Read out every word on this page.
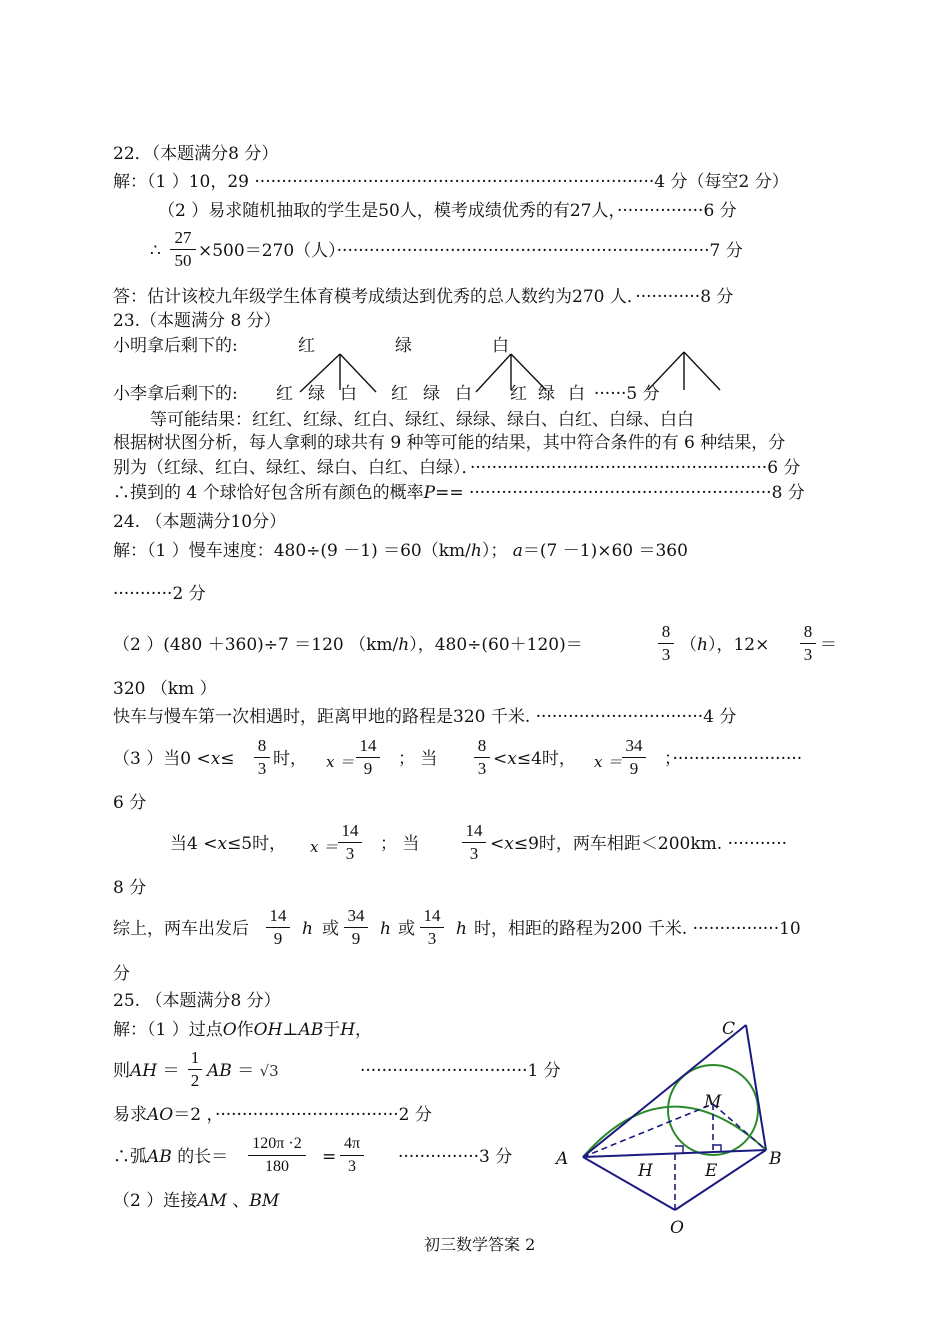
22．（本题满分8 分）
解：（1 ）10，29 ··········································································4 分（每空2 分）
（2 ）易求随机抽取的学生是50人，模考成绩优秀的有27人，················6 分
∴
27
50 ×500＝270（人）·····································································7 分
答：估计该校九年级学生体育模考成绩达到优秀的总人数约为270 人．············8 分
23.（本题满分 8 分）
小明拿后剩下的:	红	绿	白
小李拿后剩下的: 红 绿 白 红 绿 白 红 绿 白 ······5 分
等可能结果：红红、红绿、红白、绿红、绿绿、绿白、白红、白绿、白白
根据树状图分析，每人拿剩的球共有 9 种等可能的结果，其中符合条件的有 6 种结果，分
别为（红绿、红白、绿红、绿白、白红、白绿）．·······················································6 分
∴摸到的 4 个球恰好包含所有颜色的概率P== ························································8 分
24. （本题满分10分）
解：（1 ）慢车速度：480÷(9 －1) ＝60（km/h）； a＝(7 －1)×60 ＝360
···········2 分
（2 ）(480 ＋360)÷7 ＝120 （km/h），480÷(60＋120)＝
8
3 （h），12×
8
3 ＝
320 （km ）
快车与慢车第一次相遇时，距离甲地的路程是320 千米. ·······························4 分
（3 ）当0 <x≤
8
3 时， x ＝
14
9	； 当
8
3 <x≤4时， x ＝
34
9	；························
6 分
当4 <x≤5时， x ＝
14
3	； 当
14
3 <x≤9时，两车相距＜200km. ···········
8 分
综上，两车出发后
14
9	h 或
34
9	h 或
14
3	h 时，相距的路程为200 千米. ················10
分
25. （本题满分8 分）
解：（1 ）过点O作OH⊥AB于H，
则AH ＝
1
2 AB ＝ √3	·······························1 分
易求AO＝2 ，··································2 分
∴弧AB 的长＝
120π ·2
180	=
4π
3	···············3 分
（2 ）连接AM 、BM
C
M
A	B
H	E
O
初三数学答案 2
